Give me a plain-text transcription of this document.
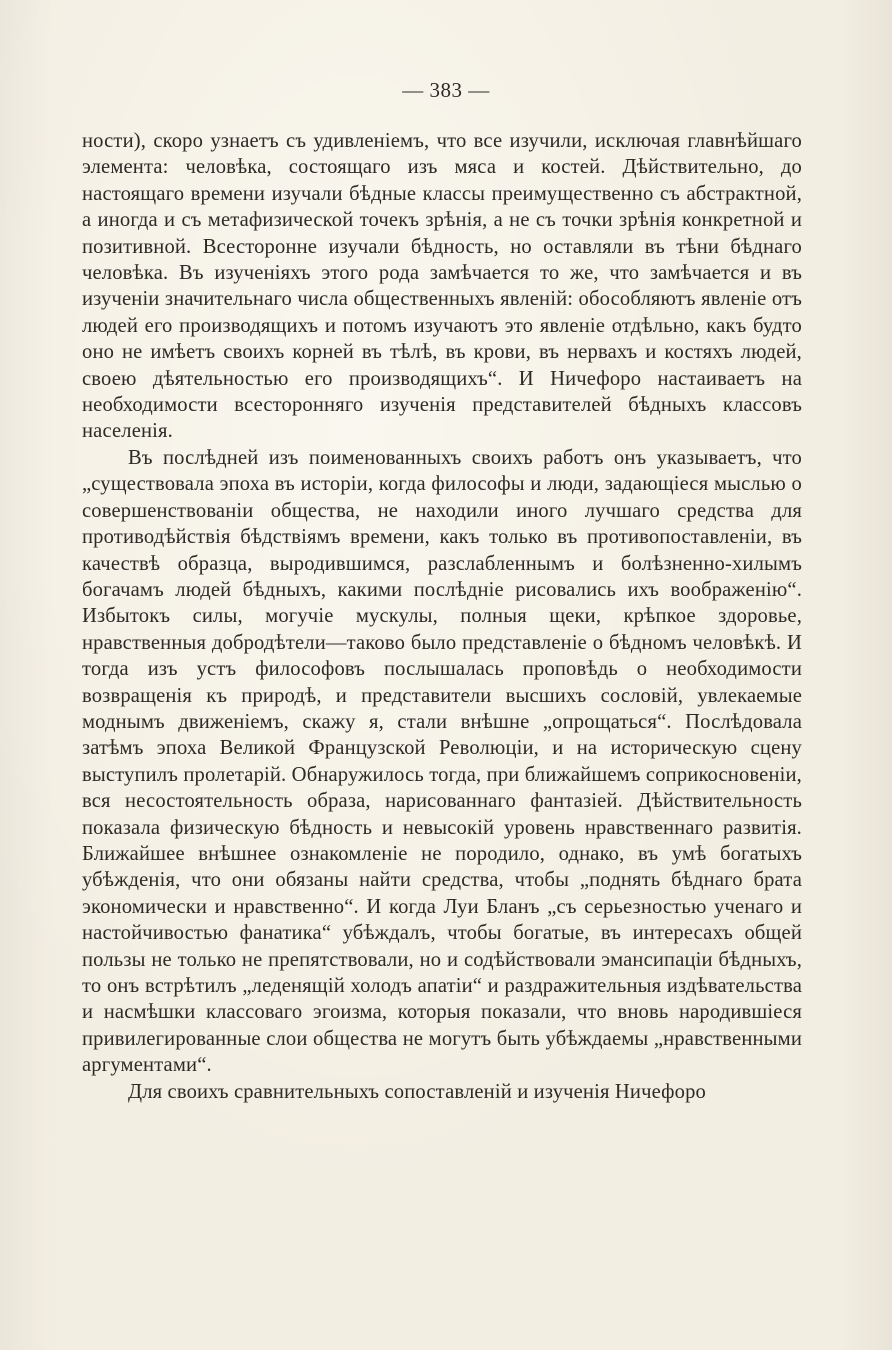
— 383 —

ности), скоро узнаетъ съ удивленіемъ, что все изучили, исключая главнѣйшаго элемента: человѣка, состоящаго изъ мяса и костей. Дѣйствительно, до настоящаго времени изучали бѣдные классы преимущественно съ абстрактной, а иногда и съ метафизической точекъ зрѣнія, а не съ точки зрѣнія конкретной и позитивной. Всесторонне изучали бѣдность, но оставляли въ тѣни бѣднаго человѣка. Въ изученіяхъ этого рода замѣчается то же, что замѣчается и въ изученіи значительнаго числа общественныхъ явленій: обособляютъ явленіе отъ людей его производящихъ и потомъ изучаютъ это явленіе отдѣльно, какъ будто оно не имѣетъ своихъ корней въ тѣлѣ, въ крови, въ нервахъ и костяхъ людей, своею дѣятельностью его производящихъ“. И Ничефоро настаиваетъ на необходимости всесторонняго изученія представителей бѣдныхъ классовъ населенія.

Въ послѣдней изъ поименованныхъ своихъ работъ онъ указываетъ, что „существовала эпоха въ исторіи, когда философы и люди, задающіеся мыслью о совершенствованіи общества, не находили иного лучшаго средства для противодѣйствія бѣдствіямъ времени, какъ только въ противопоставленіи, въ качествѣ образца, выродившимся, разслабленнымъ и болѣзненно-хилымъ богачамъ людей бѣдныхъ, какими послѣдніе рисовались ихъ воображенію“. Избытокъ силы, могучіе мускулы, полныя щеки, крѣпкое здоровье, нравственныя добродѣтели—таково было представленіе о бѣдномъ человѣкѣ. И тогда изъ устъ философовъ послышалась проповѣдь о необходимости возвращенія къ природѣ, и представители высшихъ сословій, увлекаемые моднымъ движеніемъ, скажу я, стали внѣшне „опрощаться“. Послѣдовала затѣмъ эпоха Великой Французской Революціи, и на историческую сцену выступилъ пролетарій. Обнаружилось тогда, при ближайшемъ соприкосновеніи, вся несостоятельность образа, нарисованнаго фантазіей. Дѣйствительность показала физическую бѣдность и невысокій уровень нравственнаго развитія. Ближайшее внѣшнее ознакомленіе не породило, однако, въ умѣ богатыхъ убѣжденія, что они обязаны найти средства, чтобы „поднять бѣднаго брата экономически и нравственно“. И когда Луи Бланъ „съ серьезностью ученаго и настойчивостью фанатика“ убѣждалъ, чтобы богатые, въ интересахъ общей пользы не только не препятствовали, но и содѣйствовали эмансипаціи бѣдныхъ, то онъ встрѣтилъ „леденящій холодъ апатіи“ и раздражительныя издѣвательства и насмѣшки классоваго эгоизма, которыя показали, что вновь народившіеся привилегированные слои общества не могутъ быть убѣждаемы „нравственными аргументами“.

Для своихъ сравнительныхъ сопоставленій и изученія Ничефоро
